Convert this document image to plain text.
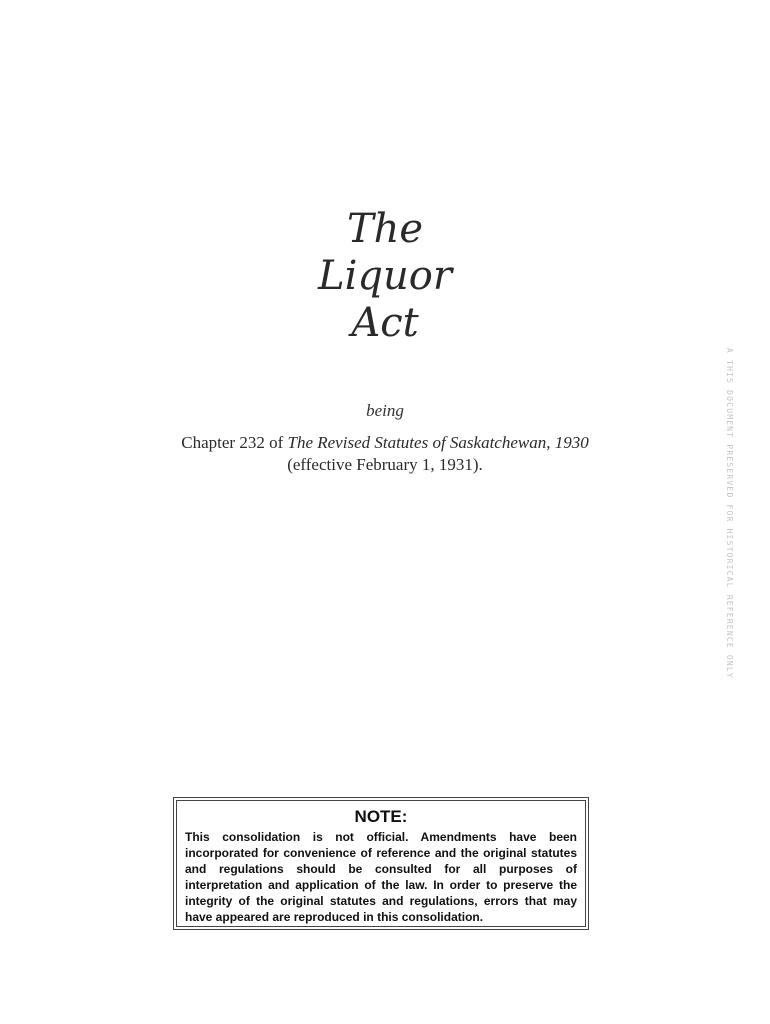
The
Liquor
Act
being
Chapter 232 of The Revised Statutes of Saskatchewan, 1930
(effective February 1, 1931).	A THIS DOCUMENT PRESERVED FOR HISTORICAL REFERENCE ONLY
NOTE:
This consolidation is not official. Amendments have been incorporated for convenience of reference and the original statutes and regulations should be consulted for all purposes of interpretation and application of the law. In order to preserve the integrity of the original statutes and regulations, errors that may have appeared are reproduced in this consolidation.
